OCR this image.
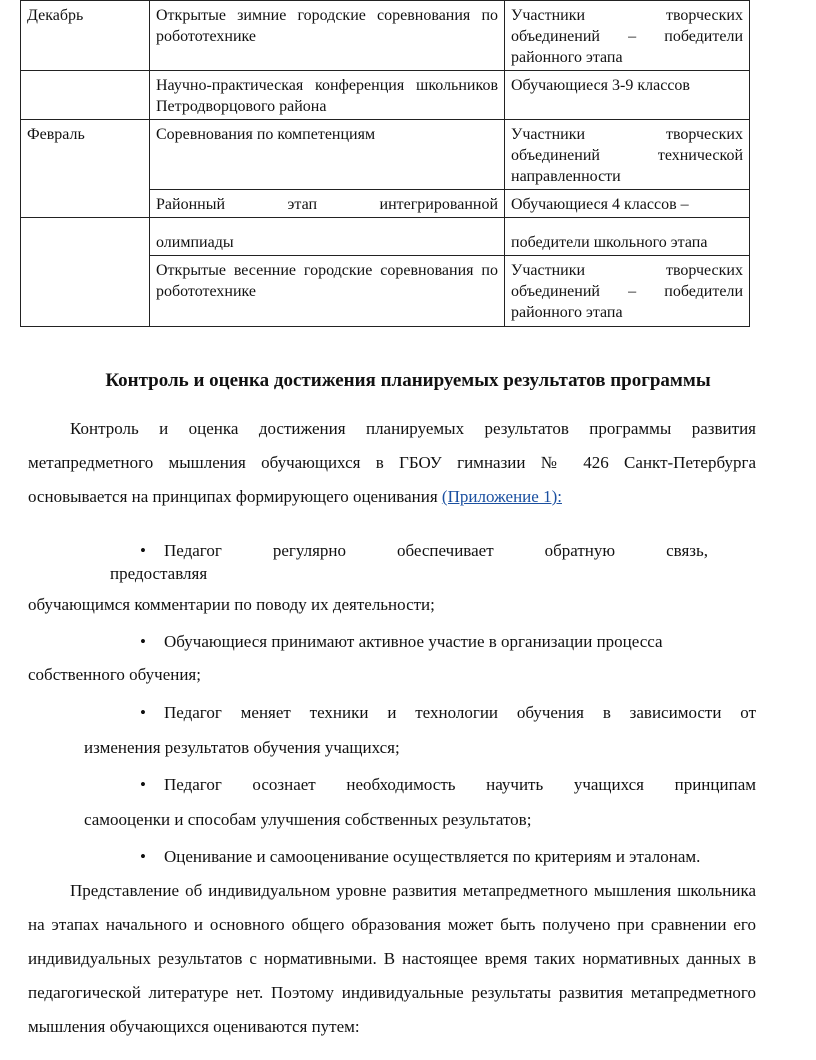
Декабрь	Открытые зимние городские соревнования по робототехнике	Участники творческих объединений – победители районного этапа
	Научно-практическая конференция школьников Петродворцового района	Обучающиеся 3-9 классов
Февраль	Соревнования по компетенциям	Участники творческих объединений технической направленности
	Районный этап интегрированной	Обучающиеся 4 классов –
	олимпиады	победители школьного этапа
	Открытые весенние городские соревнования по робототехнике	Участники творческих объединений – победители районного этапа
Контроль и оценка достижения планируемых результатов программы

Контроль и оценка достижения планируемых результатов программы развития метапредметного мышления обучающихся в ГБОУ гимназии № 426 Санкт-Петербурга основывается на принципах формирующего оценивания (Приложение 1):

• Педагог регулярно обеспечивает обратную связь,

предоставляя

обучающимся комментарии по поводу их деятельности;

• Обучающиеся принимают активное участие в организации процесса

собственного обучения;

• Педагог меняет техники и технологии обучения в зависимости от

изменения результатов обучения учащихся;

• Педагог осознает необходимость научить учащихся принципам

самооценки и способам улучшения собственных результатов;

• Оценивание и самооценивание осуществляется по критериям и эталонам.

Представление об индивидуальном уровне развития метапредметного мышления школьника на этапах начального и основного общего образования может быть получено при сравнении его индивидуальных результатов с нормативными. В настоящее время таких нормативных данных в педагогической литературе нет. Поэтому индивидуальные результаты развития метапредметного мышления обучающихся оцениваются путем:
